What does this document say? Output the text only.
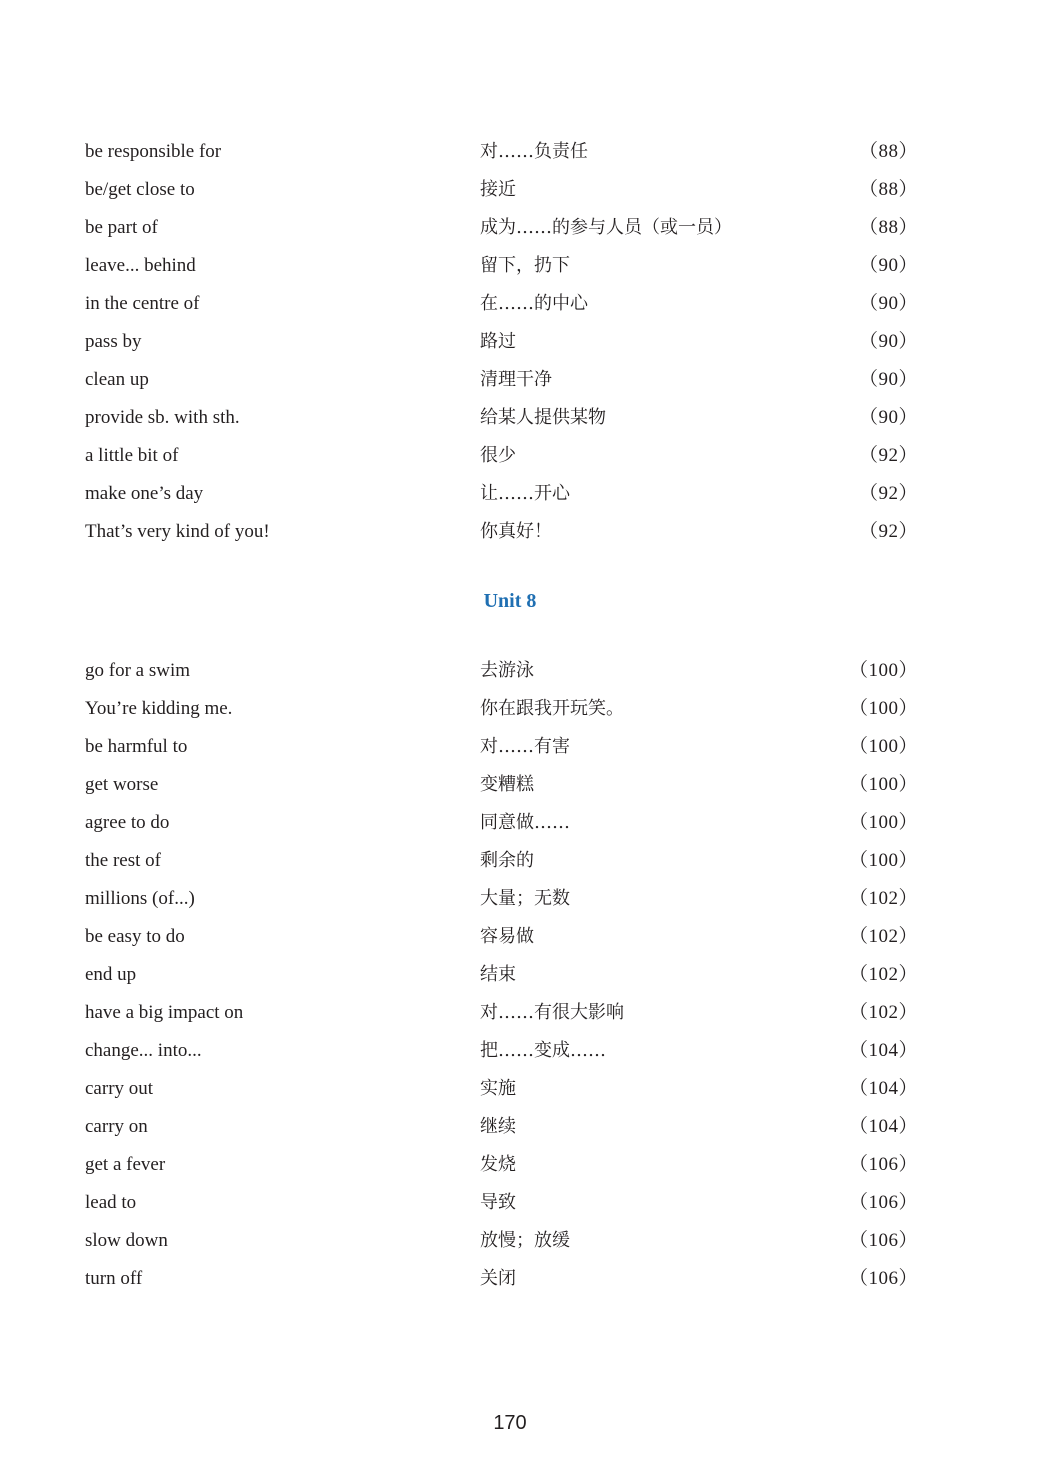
be responsible for	对……负责任	（88）
be/get close to	接近	（88）
be part of	成为……的参与人员（或一员）	（88）
leave... behind	留下，扔下	（90）
in the centre of	在……的中心	（90）
pass by	路过	（90）
clean up	清理干净	（90）
provide sb. with sth.	给某人提供某物	（90）
a little bit of	很少	（92）
make one’s day	让……开心	（92）
That’s very kind of you!	你真好！	（92）
Unit 8
go for a swim	去游泳	（100）
You’re kidding me.	你在跟我开玩笑。	（100）
be harmful to	对……有害	（100）
get worse	变糟糕	（100）
agree to do	同意做……	（100）
the rest of	剩余的	（100）
millions (of...)	大量；无数	（102）
be easy to do	容易做	（102）
end up	结束	（102）
have a big impact on	对……有很大影响	（102）
change... into...	把……变成……	（104）
carry out	实施	（104）
carry on	继续	（104）
get a fever	发烧	（106）
lead to	导致	（106）
slow down	放慢；放缓	（106）
turn off	关闭	（106）
170
